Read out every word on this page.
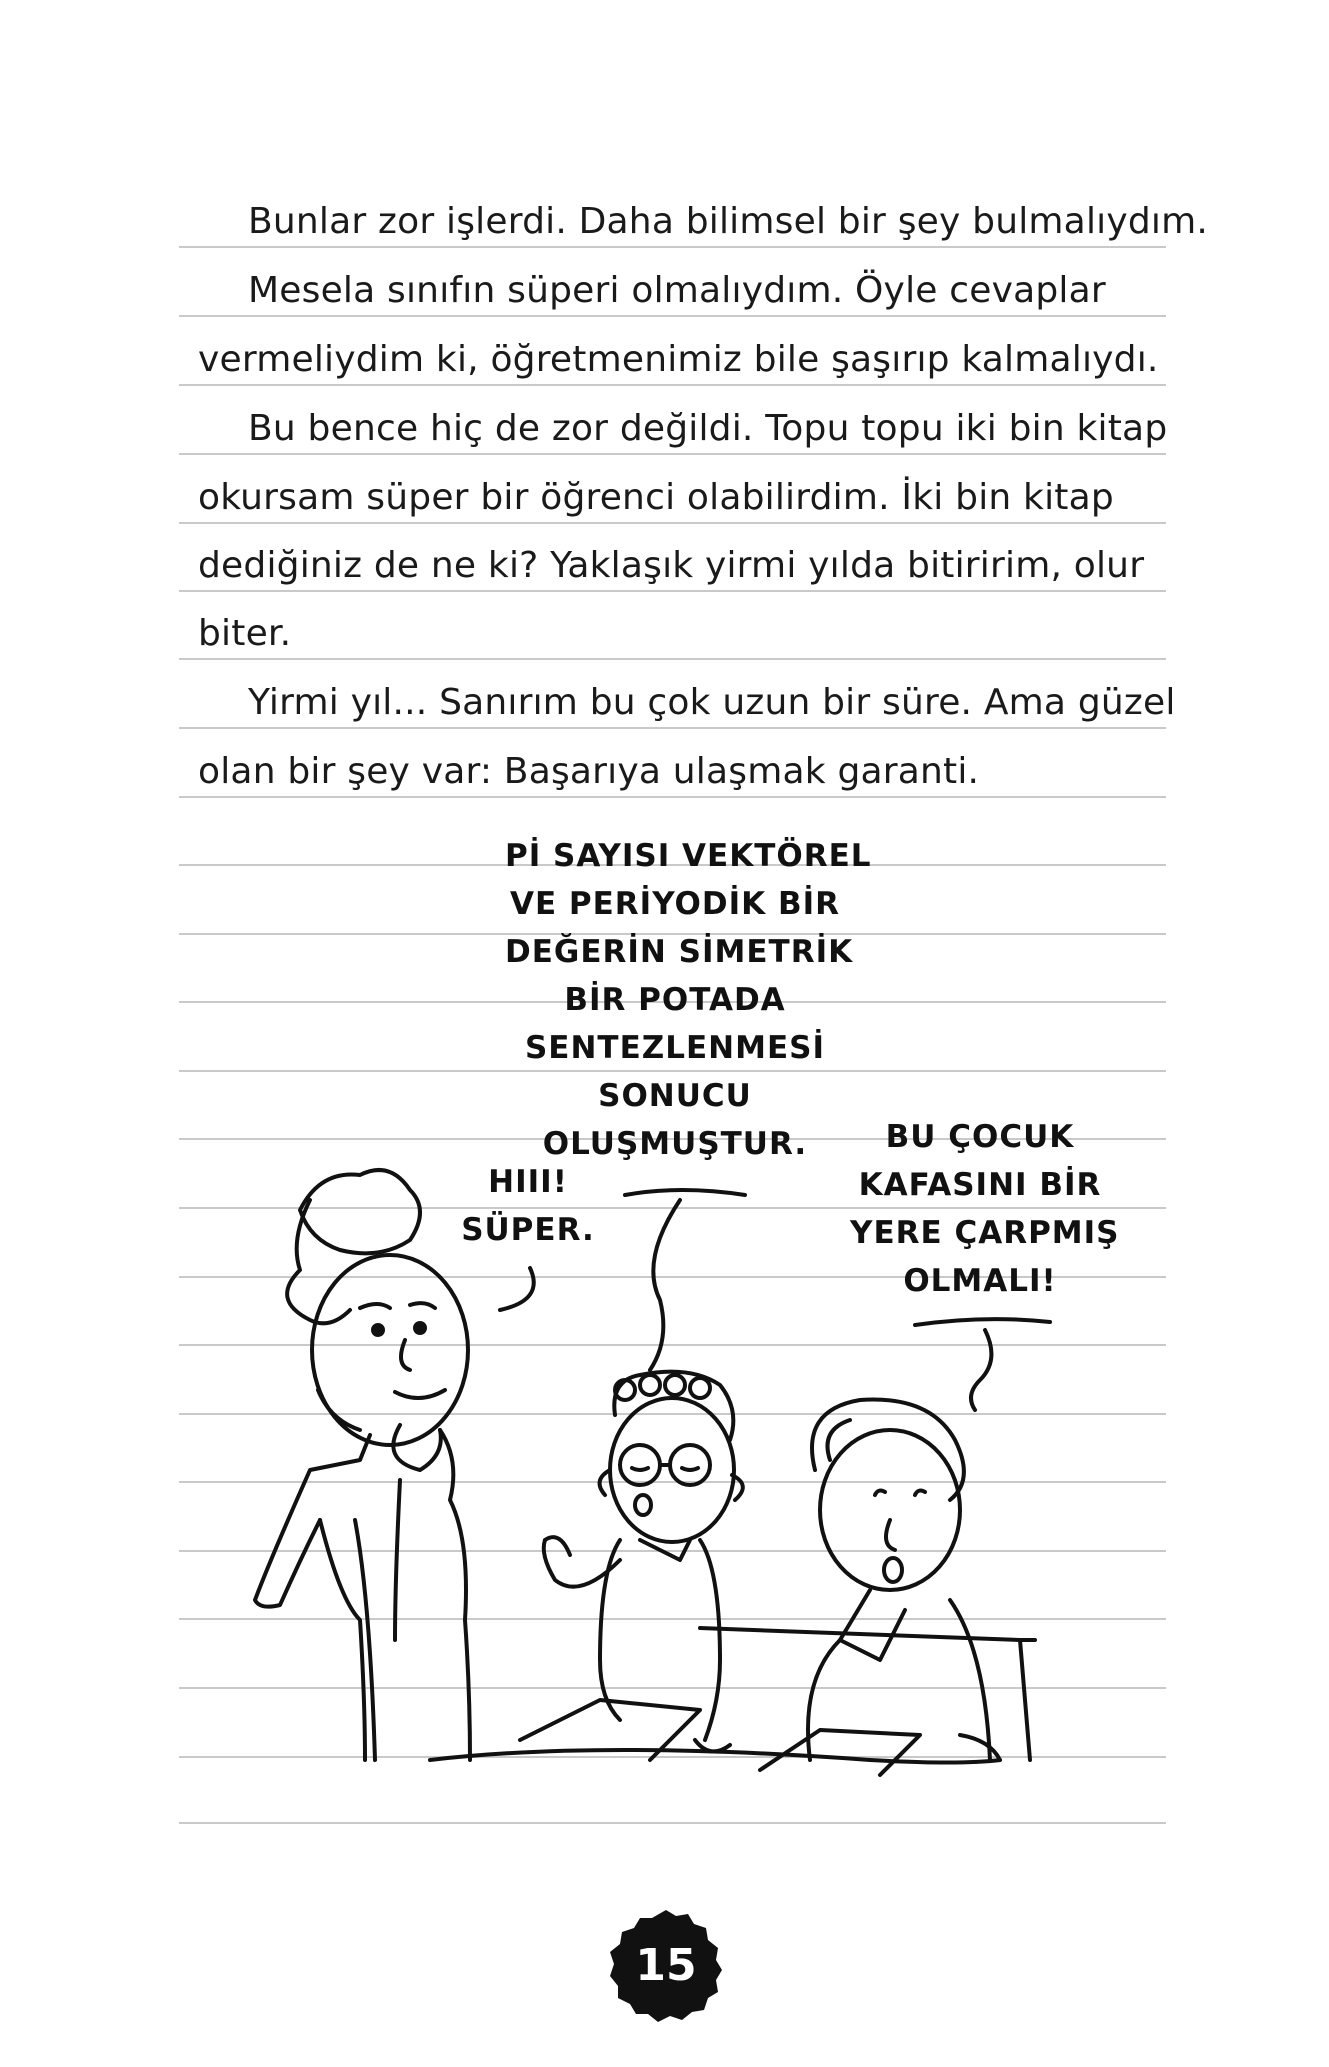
Bunlar zor işlerdi. Daha bilimsel bir şey bulmalıydım.
Mesela sınıfın süperi olmalıydım. Öyle cevaplar
vermeliydim ki, öğretmenimiz bile şaşırıp kalmalıydı.
Bu bence hiç de zor değildi. Topu topu iki bin kitap
okursam süper bir öğrenci olabilirdim. İki bin kitap
dediğiniz de ne ki? Yaklaşık yirmi yılda bitiririm, olur
biter.
Yirmi yıl... Sanırım bu çok uzun bir süre. Ama güzel
olan bir şey var: Başarıya ulaşmak garanti.
Pİ SAYISI VEKTÖREL
VE PERİYODİK BİR
DEĞERİN SİMETRİK
BİR POTADA
SENTEZLENMESİ
SONUCU
OLUŞMUŞTUR.
HIII!
SÜPER.
BU ÇOCUK
KAFASINI BİR
YERE ÇARPMIŞ
OLMALI!
15
